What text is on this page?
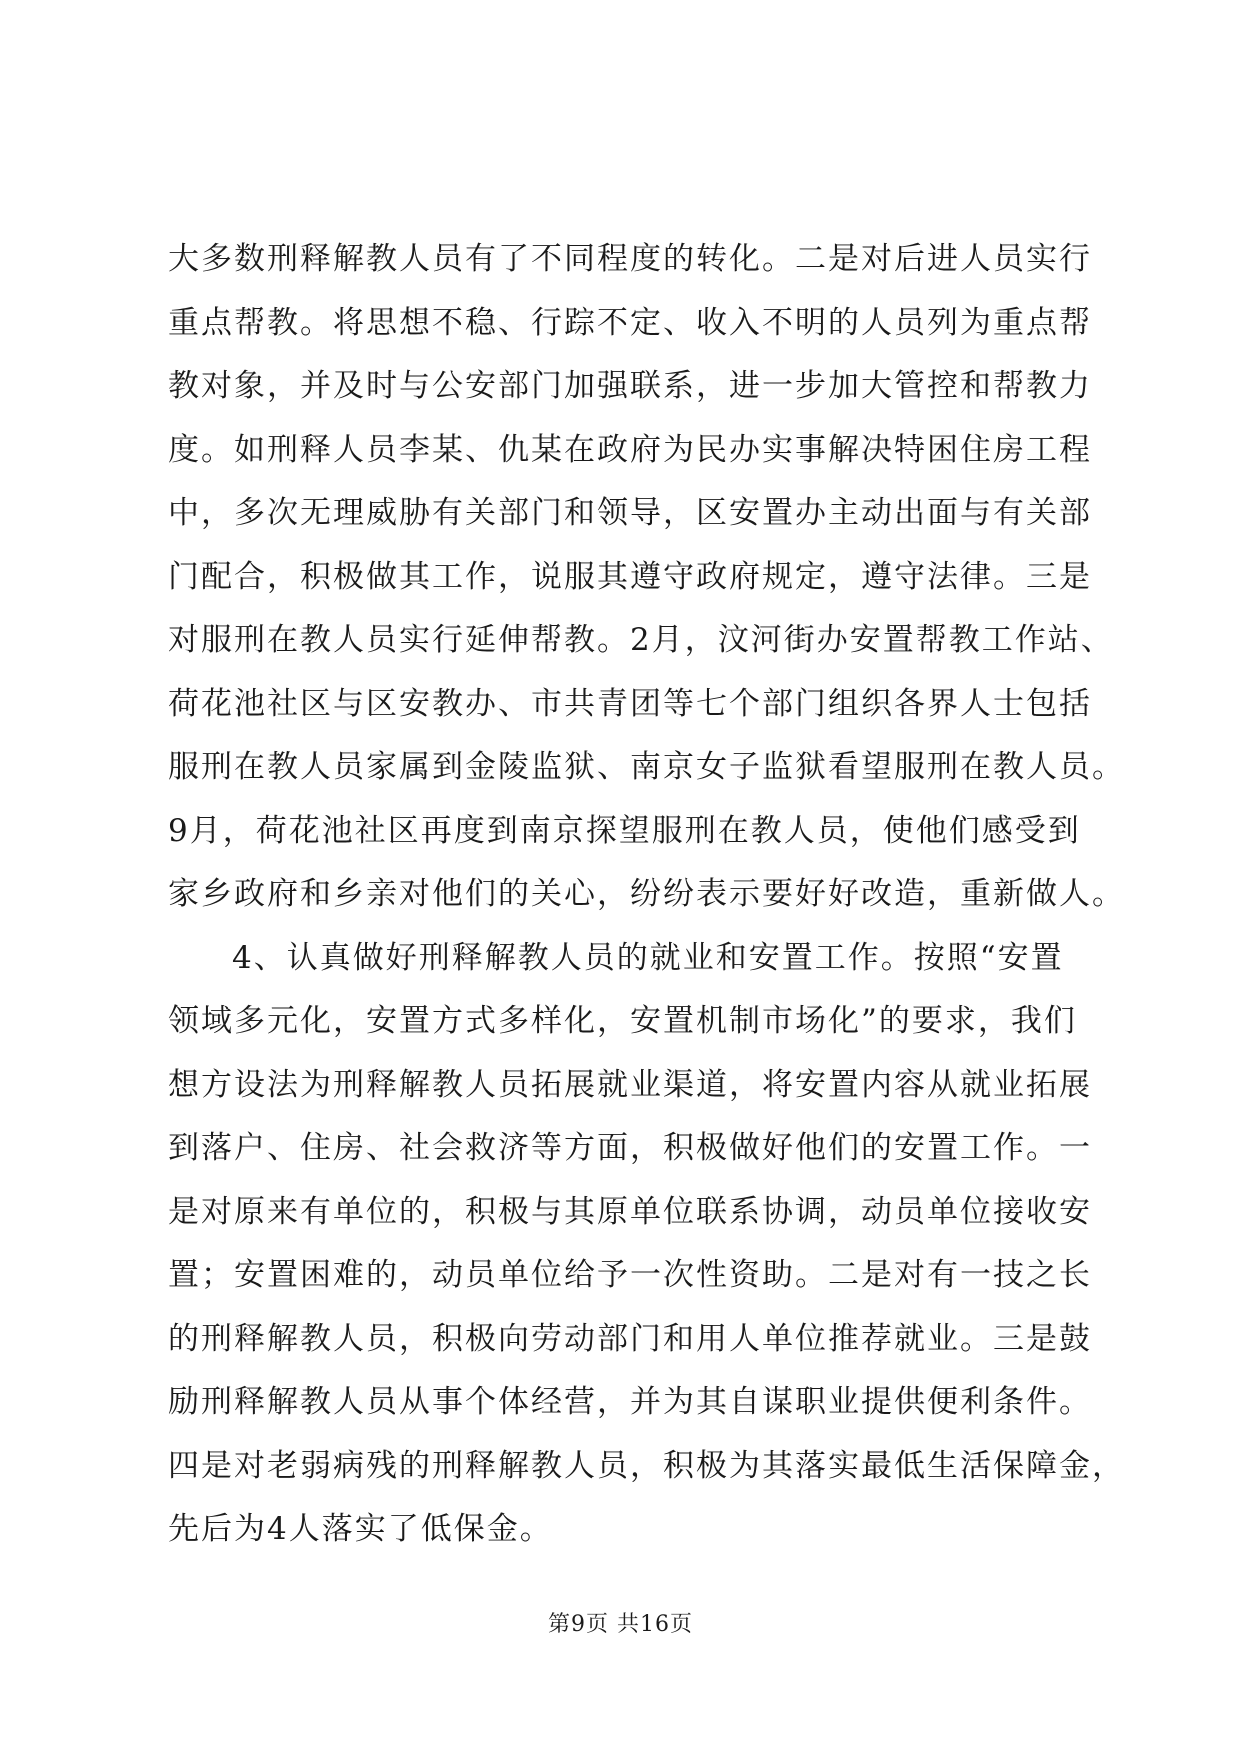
大多数刑释解教人员有了不同程度的转化。二是对后进人员实行
重点帮教。将思想不稳、行踪不定、收入不明的人员列为重点帮
教对象，并及时与公安部门加强联系，进一步加大管控和帮教力
度。如刑释人员李某、仇某在政府为民办实事解决特困住房工程
中，多次无理威胁有关部门和领导，区安置办主动出面与有关部
门配合，积极做其工作，说服其遵守政府规定，遵守法律。三是
对服刑在教人员实行延伸帮教。2月，汶河街办安置帮教工作站、
荷花池社区与区安教办、市共青团等七个部门组织各界人士包括
服刑在教人员家属到金陵监狱、南京女子监狱看望服刑在教人员。
9月，荷花池社区再度到南京探望服刑在教人员，使他们感受到
家乡政府和乡亲对他们的关心，纷纷表示要好好改造，重新做人。
4、认真做好刑释解教人员的就业和安置工作。按照“安置
领域多元化，安置方式多样化，安置机制市场化”的要求，我们
想方设法为刑释解教人员拓展就业渠道，将安置内容从就业拓展
到落户、住房、社会救济等方面，积极做好他们的安置工作。一
是对原来有单位的，积极与其原单位联系协调，动员单位接收安
置；安置困难的，动员单位给予一次性资助。二是对有一技之长
的刑释解教人员，积极向劳动部门和用人单位推荐就业。三是鼓
励刑释解教人员从事个体经营，并为其自谋职业提供便利条件。
四是对老弱病残的刑释解教人员，积极为其落实最低生活保障金，
先后为4人落实了低保金。
第9页 共16页
